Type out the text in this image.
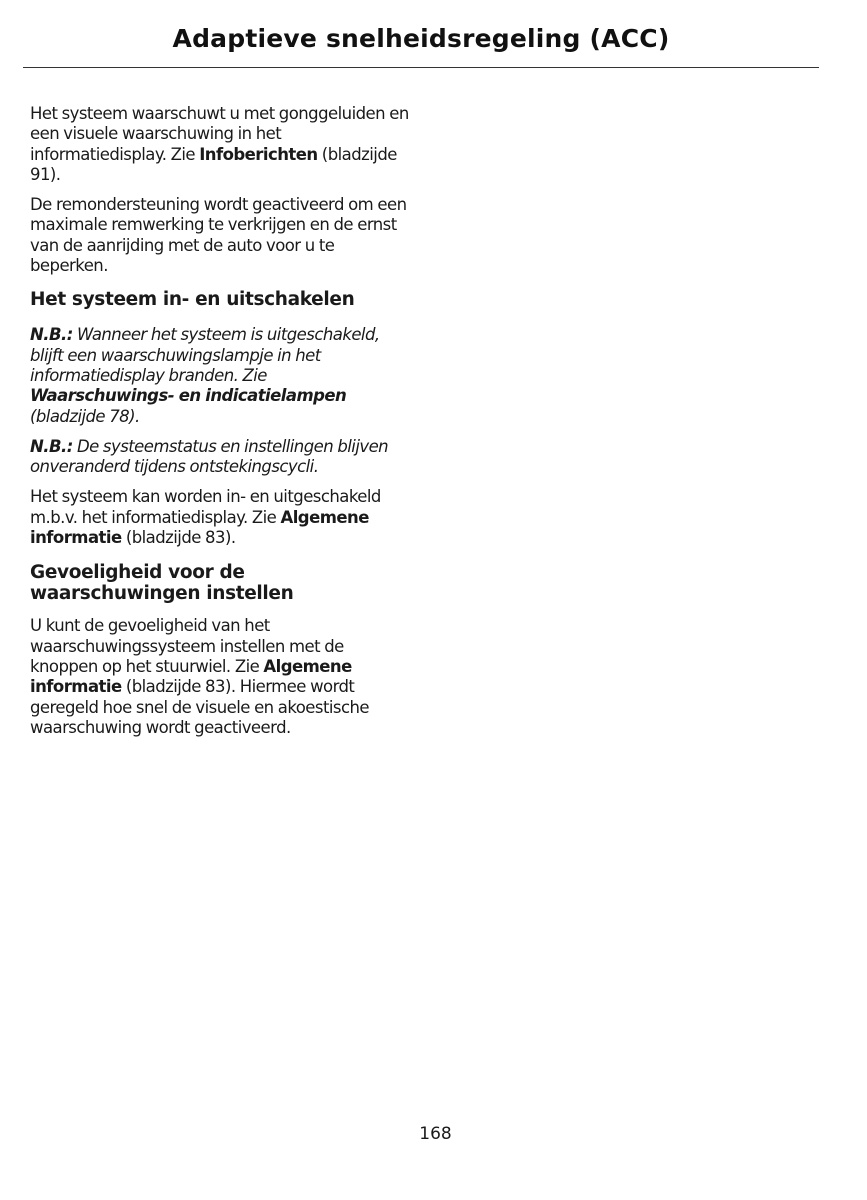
Adaptieve snelheidsregeling (ACC)

Het systeem waarschuwt u met gonggeluiden en een visuele waarschuwing in het informatiedisplay. Zie Infoberichten (bladzijde 91).

De remondersteuning wordt geactiveerd om een maximale remwerking te verkrijgen en de ernst van de aanrijding met de auto voor u te beperken.

Het systeem in- en uitschakelen

N.B.: Wanneer het systeem is uitgeschakeld, blijft een waarschuwingslampje in het informatiedisplay branden. Zie Waarschuwings- en indicatielampen (bladzijde 78).

N.B.: De systeemstatus en instellingen blijven onveranderd tijdens ontstekingscycli.

Het systeem kan worden in- en uitgeschakeld m.b.v. het informatiedisplay. Zie Algemene informatie (bladzijde 83).

Gevoeligheid voor de waarschuwingen instellen

U kunt de gevoeligheid van het waarschuwingssysteem instellen met de knoppen op het stuurwiel. Zie Algemene informatie (bladzijde 83). Hiermee wordt geregeld hoe snel de visuele en akoestische waarschuwing wordt geactiveerd.

168
